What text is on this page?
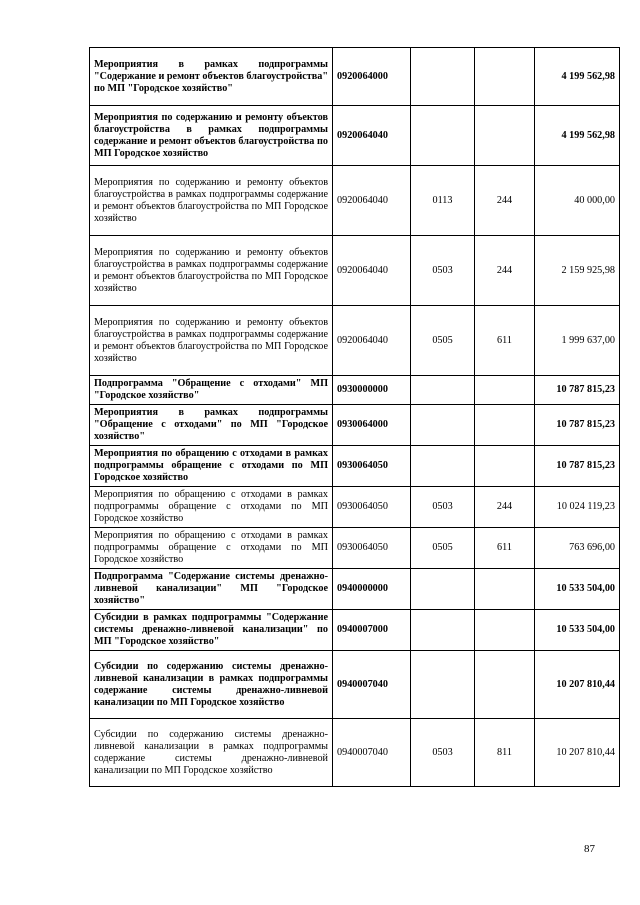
Мероприятия в рамках подпрограммы "Содержание и ремонт объектов благоустройства" по МП "Городское хозяйство"	0920064000			4 199 562,98
Мероприятия по содержанию и ремонту объектов благоустройства в рамках подпрограммы содержание и ремонт объектов благоустройства по МП Городское хозяйство	0920064040			4 199 562,98
Мероприятия по содержанию и ремонту объектов благоустройства в рамках подпрограммы содержание и ремонт объектов благоустройства по МП Городское хозяйство	0920064040	0113	244	40 000,00
Мероприятия по содержанию и ремонту объектов благоустройства в рамках подпрограммы содержание и ремонт объектов благоустройства по МП Городское хозяйство	0920064040	0503	244	2 159 925,98
Мероприятия по содержанию и ремонту объектов благоустройства в рамках подпрограммы содержание и ремонт объектов благоустройства по МП Городское хозяйство	0920064040	0505	611	1 999 637,00
Подпрограмма "Обращение с отходами" МП "Городское хозяйство"	0930000000			10 787 815,23
Мероприятия в рамках подпрограммы "Обращение с отходами" по МП "Городское хозяйство"	0930064000			10 787 815,23
Мероприятия по обращению с отходами в рамках подпрограммы обращение с отходами по МП Городское хозяйство	0930064050			10 787 815,23
Мероприятия по обращению с отходами в рамках подпрограммы обращение с отходами по МП Городское хозяйство	0930064050	0503	244	10 024 119,23
Мероприятия по обращению с отходами в рамках подпрограммы обращение с отходами по МП Городское хозяйство	0930064050	0505	611	763 696,00
Подпрограмма "Содержание системы дренажно-ливневой канализации" МП "Городское хозяйство"	0940000000			10 533 504,00
Субсидии в рамках подпрограммы "Содержание системы дренажно-ливневой канализации" по МП "Городское хозяйство"	0940007000			10 533 504,00
Субсидии по содержанию системы дренажно-ливневой канализации в рамках подпрограммы содержание системы дренажно-ливневой канализации по МП Городское хозяйство	0940007040			10 207 810,44
Субсидии по содержанию системы дренажно-ливневой канализации в рамках подпрограммы содержание системы дренажно-ливневой канализации по МП Городское хозяйство	0940007040	0503	811	10 207 810,44
87
